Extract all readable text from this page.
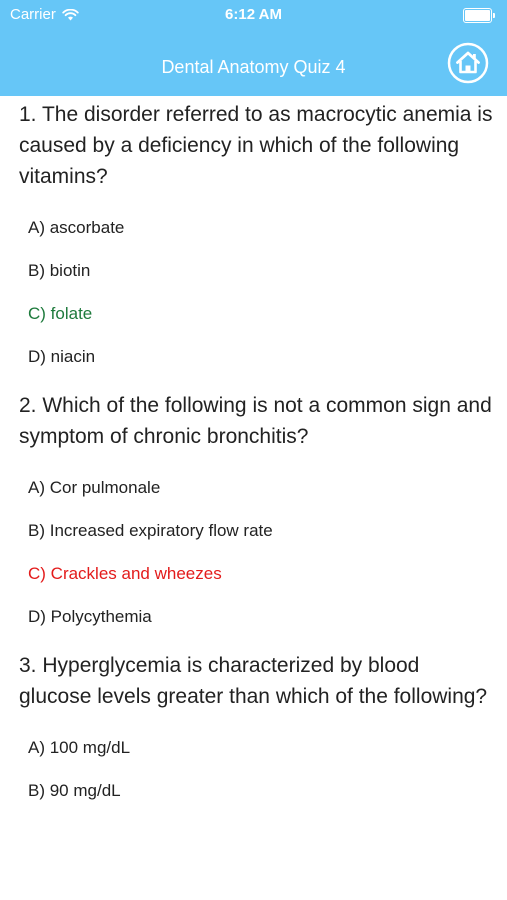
Carrier	6:12 AM
Dental Anatomy Quiz 4

1. The disorder referred to as macrocytic anemia is caused by a deficiency in which of the following vitamins?

A) ascorbate
B) biotin
C) folate
D) niacin

2. Which of the following is not a common sign and symptom of chronic bronchitis?

A) Cor pulmonale
B) Increased expiratory flow rate
C) Crackles and wheezes
D) Polycythemia

3. Hyperglycemia is characterized by blood glucose levels greater than which of the following?

A) 100 mg/dL
B) 90 mg/dL
